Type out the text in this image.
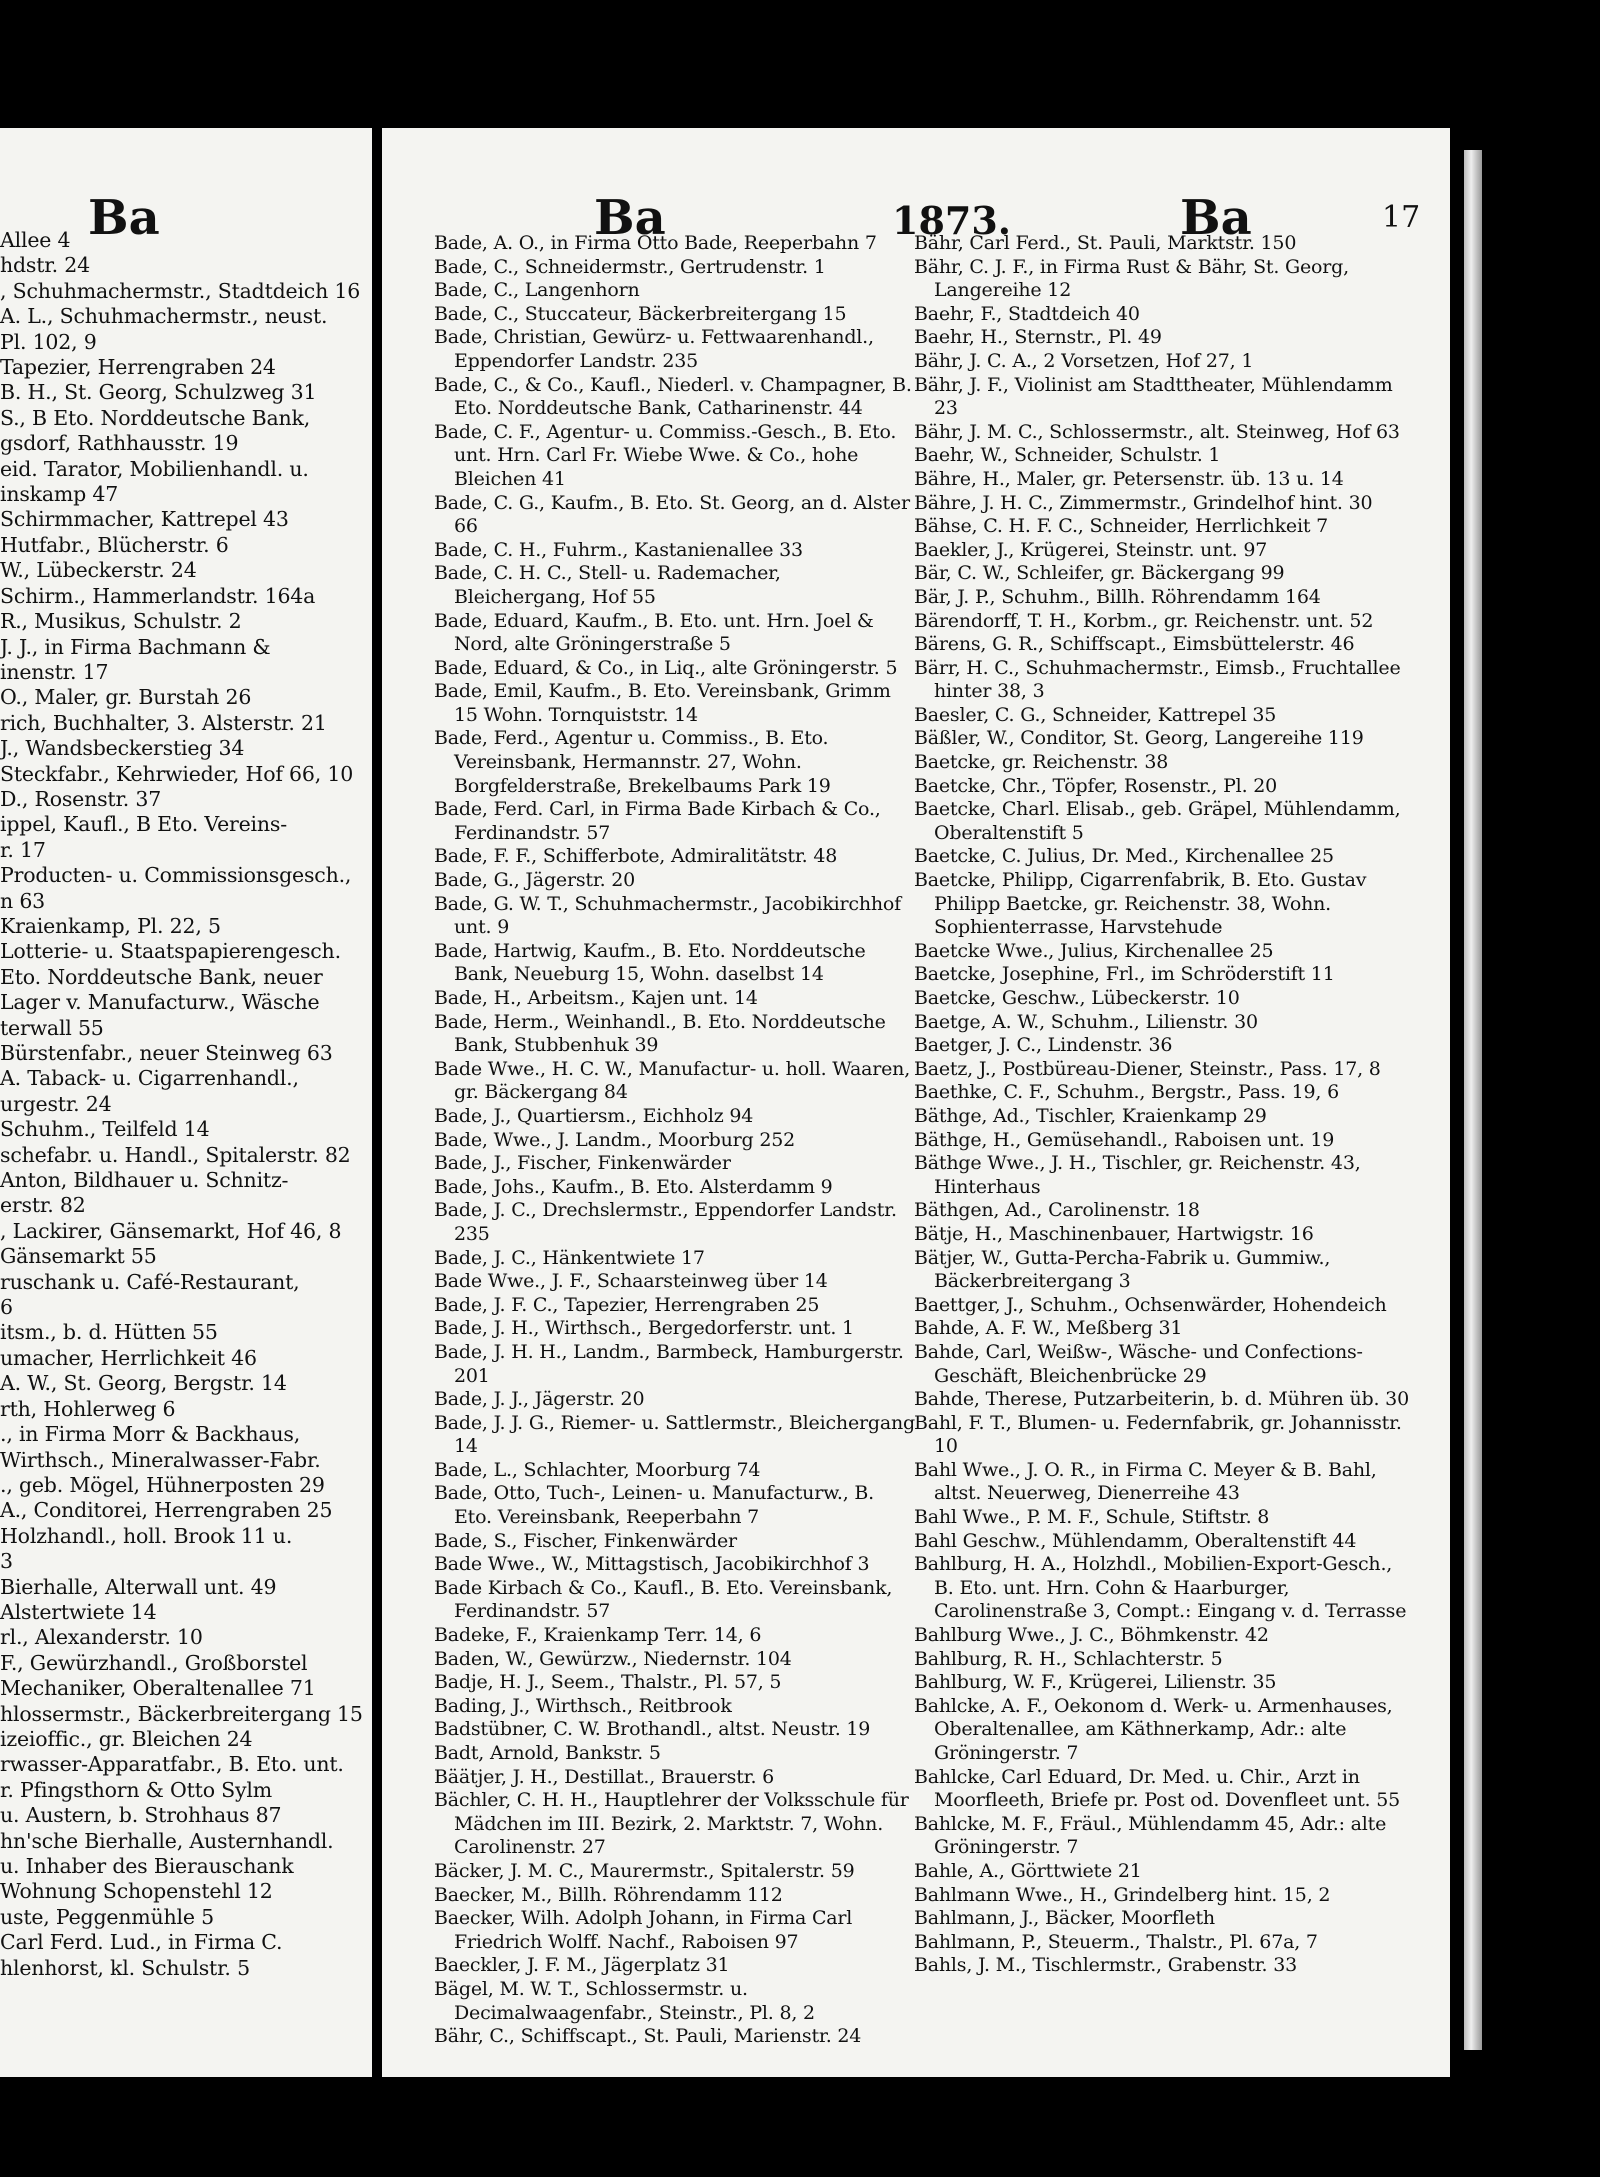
Ba
Allee 4
hdstr. 24
, Schuhmachermstr., Stadtdeich 16
A. L., Schuhmachermstr., neust.
Pl. 102, 9
Tapezier, Herrengraben 24
B. H., St. Georg, Schulzweg 31
S., B Eto. Norddeutsche Bank,
gsdorf, Rathhausstr. 19
eid. Tarator, Mobilienhandl. u.
inskamp 47
Schirmmacher, Kattrepel 43
Hutfabr., Blücherstr. 6
W., Lübeckerstr. 24
Schirm., Hammerlandstr. 164a
R., Musikus, Schulstr. 2
J. J., in Firma Bachmann &
inenstr. 17
O., Maler, gr. Burstah 26
rich, Buchhalter, 3. Alsterstr. 21
J., Wandsbeckerstieg 34
Steckfabr., Kehrwieder, Hof 66, 10
D., Rosenstr. 37
ippel, Kaufl., B Eto. Vereins-
r. 17
Producten- u. Commissionsgesch.,
n 63
Kraienkamp, Pl. 22, 5
Lotterie- u. Staatspapierengesch.
Eto. Norddeutsche Bank, neuer
Lager v. Manufacturw., Wäsche
terwall 55
Bürstenfabr., neuer Steinweg 63
A. Taback- u. Cigarrenhandl.,
urgestr. 24
Schuhm., Teilfeld 14
schefabr. u. Handl., Spitalerstr. 82
Anton, Bildhauer u. Schnitz-
erstr. 82
, Lackirer, Gänsemarkt, Hof 46, 8
Gänsemarkt 55
ruschank u. Café-Restaurant,
6
itsm., b. d. Hütten 55
umacher, Herrlichkeit 46
A. W., St. Georg, Bergstr. 14
rth, Hohlerweg 6
., in Firma Morr & Backhaus,
Wirthsch., Mineralwasser-Fabr.
., geb. Mögel, Hühnerposten 29
A., Conditorei, Herrengraben 25
Holzhandl., holl. Brook 11 u.
3
Bierhalle, Alterwall unt. 49
Alstertwiete 14
rl., Alexanderstr. 10
F., Gewürzhandl., Großborstel
Mechaniker, Oberaltenallee 71
hlossermstr., Bäckerbreitergang 15
izeioffic., gr. Bleichen 24
rwasser-Apparatfabr., B. Eto. unt.
r. Pfingsthorn & Otto Sylm
u. Austern, b. Strohhaus 87
hn'sche Bierhalle, Austernhandl.
u. Inhaber des Bierauschank
Wohnung Schopenstehl 12
uste, Peggenmühle 5
Carl Ferd. Lud., in Firma C.
hlenhorst, kl. Schulstr. 5
Ba	1873.	Ba	17
Bade, A. O., in Firma Otto Bade, Reeperbahn 7
Bade, C., Schneidermstr., Gertrudenstr. 1
Bade, C., Langenhorn
Bade, C., Stuccateur, Bäckerbreitergang 15
Bade, Christian, Gewürz- u. Fettwaarenhandl., Eppendorfer Landstr. 235
Bade, C., & Co., Kaufl., Niederl. v. Champagner, B. Eto. Norddeutsche Bank, Catharinenstr. 44
Bade, C. F., Agentur- u. Commiss.-Gesch., B. Eto. unt. Hrn. Carl Fr. Wiebe Wwe. & Co., hohe Bleichen 41
Bade, C. G., Kaufm., B. Eto. St. Georg, an d. Alster 66
Bade, C. H., Fuhrm., Kastanienallee 33
Bade, C. H. C., Stell- u. Rademacher, Bleichergang, Hof 55
Bade, Eduard, Kaufm., B. Eto. unt. Hrn. Joel & Nord, alte Gröningerstraße 5
Bade, Eduard, & Co., in Liq., alte Gröningerstr. 5
Bade, Emil, Kaufm., B. Eto. Vereinsbank, Grimm 15 Wohn. Tornquiststr. 14
Bade, Ferd., Agentur u. Commiss., B. Eto. Vereinsbank, Hermannstr. 27, Wohn. Borgfelderstraße, Brekelbaums Park 19
Bade, Ferd. Carl, in Firma Bade Kirbach & Co., Ferdinandstr. 57
Bade, F. F., Schifferbote, Admiralitätstr. 48
Bade, G., Jägerstr. 20
Bade, G. W. T., Schuhmachermstr., Jacobikirchhof unt. 9
Bade, Hartwig, Kaufm., B. Eto. Norddeutsche Bank, Neueburg 15, Wohn. daselbst 14
Bade, H., Arbeitsm., Kajen unt. 14
Bade, Herm., Weinhandl., B. Eto. Norddeutsche Bank, Stubbenhuk 39
Bade Wwe., H. C. W., Manufactur- u. holl. Waaren, gr. Bäckergang 84
Bade, J., Quartiersm., Eichholz 94
Bade, Wwe., J. Landm., Moorburg 252
Bade, J., Fischer, Finkenwärder
Bade, Johs., Kaufm., B. Eto. Alsterdamm 9
Bade, J. C., Drechslermstr., Eppendorfer Landstr. 235
Bade, J. C., Hänkentwiete 17
Bade Wwe., J. F., Schaarsteinweg über 14
Bade, J. F. C., Tapezier, Herrengraben 25
Bade, J. H., Wirthsch., Bergedorferstr. unt. 1
Bade, J. H. H., Landm., Barmbeck, Hamburgerstr. 201
Bade, J. J., Jägerstr. 20
Bade, J. J. G., Riemer- u. Sattlermstr., Bleichergang 14
Bade, L., Schlachter, Moorburg 74
Bade, Otto, Tuch-, Leinen- u. Manufacturw., B. Eto. Vereinsbank, Reeperbahn 7
Bade, S., Fischer, Finkenwärder
Bade Wwe., W., Mittagstisch, Jacobikirchhof 3
Bade Kirbach & Co., Kaufl., B. Eto. Vereinsbank, Ferdinandstr. 57
Badeke, F., Kraienkamp Terr. 14, 6
Baden, W., Gewürzw., Niedernstr. 104
Badje, H. J., Seem., Thalstr., Pl. 57, 5
Bading, J., Wirthsch., Reitbrook
Badstübner, C. W. Brothandl., altst. Neustr. 19
Badt, Arnold, Bankstr. 5
Bäätjer, J. H., Destillat., Brauerstr. 6
Bächler, C. H. H., Hauptlehrer der Volksschule für Mädchen im III. Bezirk, 2. Marktstr. 7, Wohn. Carolinenstr. 27
Bäcker, J. M. C., Maurermstr., Spitalerstr. 59
Baecker, M., Billh. Röhrendamm 112
Baecker, Wilh. Adolph Johann, in Firma Carl Friedrich Wolff. Nachf., Raboisen 97
Baeckler, J. F. M., Jägerplatz 31
Bägel, M. W. T., Schlossermstr. u. Decimalwaagenfabr., Steinstr., Pl. 8, 2
Bähr, C., Schiffscapt., St. Pauli, Marienstr. 24
Bähr, Carl Ferd., St. Pauli, Marktstr. 150
Bähr, C. J. F., in Firma Rust & Bähr, St. Georg, Langereihe 12
Baehr, F., Stadtdeich 40
Baehr, H., Sternstr., Pl. 49
Bähr, J. C. A., 2 Vorsetzen, Hof 27, 1
Bähr, J. F., Violinist am Stadttheater, Mühlendamm 23
Bähr, J. M. C., Schlossermstr., alt. Steinweg, Hof 63
Baehr, W., Schneider, Schulstr. 1
Bähre, H., Maler, gr. Petersenstr. üb. 13 u. 14
Bähre, J. H. C., Zimmermstr., Grindelhof hint. 30
Bähse, C. H. F. C., Schneider, Herrlichkeit 7
Baekler, J., Krügerei, Steinstr. unt. 97
Bär, C. W., Schleifer, gr. Bäckergang 99
Bär, J. P., Schuhm., Billh. Röhrendamm 164
Bärendorff, T. H., Korbm., gr. Reichenstr. unt. 52
Bärens, G. R., Schiffscapt., Eimsbüttelerstr. 46
Bärr, H. C., Schuhmachermstr., Eimsb., Fruchtallee hinter 38, 3
Baesler, C. G., Schneider, Kattrepel 35
Bäßler, W., Conditor, St. Georg, Langereihe 119
Baetcke, gr. Reichenstr. 38
Baetcke, Chr., Töpfer, Rosenstr., Pl. 20
Baetcke, Charl. Elisab., geb. Gräpel, Mühlendamm, Oberaltenstift 5
Baetcke, C. Julius, Dr. Med., Kirchenallee 25
Baetcke, Philipp, Cigarrenfabrik, B. Eto. Gustav Philipp Baetcke, gr. Reichenstr. 38, Wohn. Sophienterrasse, Harvstehude
Baetcke Wwe., Julius, Kirchenallee 25
Baetcke, Josephine, Frl., im Schröderstift 11
Baetcke, Geschw., Lübeckerstr. 10
Baetge, A. W., Schuhm., Lilienstr. 30
Baetger, J. C., Lindenstr. 36
Baetz, J., Postbüreau-Diener, Steinstr., Pass. 17, 8
Baethke, C. F., Schuhm., Bergstr., Pass. 19, 6
Bäthge, Ad., Tischler, Kraienkamp 29
Bäthge, H., Gemüsehandl., Raboisen unt. 19
Bäthge Wwe., J. H., Tischler, gr. Reichenstr. 43, Hinterhaus
Bäthgen, Ad., Carolinenstr. 18
Bätje, H., Maschinenbauer, Hartwigstr. 16
Bätjer, W., Gutta-Percha-Fabrik u. Gummiw., Bäckerbreitergang 3
Baettger, J., Schuhm., Ochsenwärder, Hohendeich
Bahde, A. F. W., Meßberg 31
Bahde, Carl, Weißw-, Wäsche- und Confections-Geschäft, Bleichenbrücke 29
Bahde, Therese, Putzarbeiterin, b. d. Mühren üb. 30
Bahl, F. T., Blumen- u. Federnfabrik, gr. Johannisstr. 10
Bahl Wwe., J. O. R., in Firma C. Meyer & B. Bahl, altst. Neuerweg, Dienerreihe 43
Bahl Wwe., P. M. F., Schule, Stiftstr. 8
Bahl Geschw., Mühlendamm, Oberaltenstift 44
Bahlburg, H. A., Holzhdl., Mobilien-Export-Gesch., B. Eto. unt. Hrn. Cohn & Haarburger, Carolinenstraße 3, Compt.: Eingang v. d. Terrasse
Bahlburg Wwe., J. C., Böhmkenstr. 42
Bahlburg, R. H., Schlachterstr. 5
Bahlburg, W. F., Krügerei, Lilienstr. 35
Bahlcke, A. F., Oekonom d. Werk- u. Armenhauses, Oberaltenallee, am Käthnerkamp, Adr.: alte Gröningerstr. 7
Bahlcke, Carl Eduard, Dr. Med. u. Chir., Arzt in Moorfleeth, Briefe pr. Post od. Dovenfleet unt. 55
Bahlcke, M. F., Fräul., Mühlendamm 45, Adr.: alte Gröningerstr. 7
Bahle, A., Görttwiete 21
Bahlmann Wwe., H., Grindelberg hint. 15, 2
Bahlmann, J., Bäcker, Moorfleth
Bahlmann, P., Steuerm., Thalstr., Pl. 67a, 7
Bahls, J. M., Tischlermstr., Grabenstr. 33
